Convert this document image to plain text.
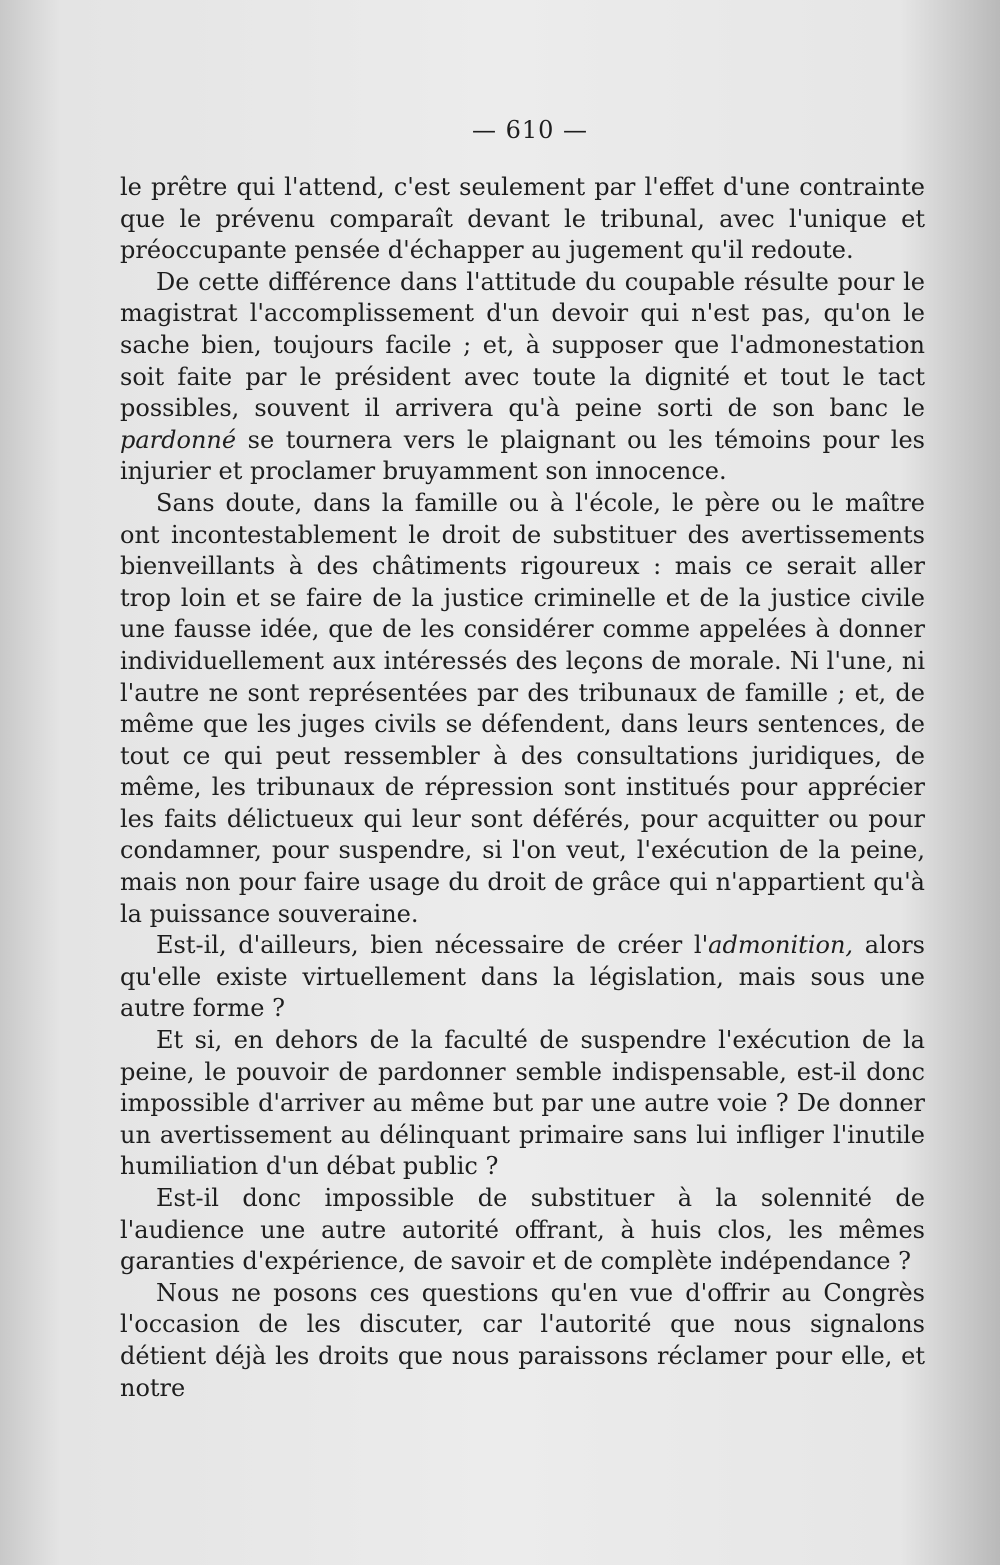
— 610 —

le prêtre qui l'attend, c'est seulement par l'effet d'une contrainte que le prévenu comparaît devant le tribunal, avec l'unique et préoccupante pensée d'échapper au jugement qu'il redoute.

De cette différence dans l'attitude du coupable résulte pour le magistrat l'accomplissement d'un devoir qui n'est pas, qu'on le sache bien, toujours facile ; et, à supposer que l'admonestation soit faite par le président avec toute la dignité et tout le tact possibles, souvent il arrivera qu'à peine sorti de son banc le pardonné se tournera vers le plaignant ou les témoins pour les injurier et proclamer bruyamment son innocence.

Sans doute, dans la famille ou à l'école, le père ou le maître ont incontestablement le droit de substituer des avertissements bienveillants à des châtiments rigoureux : mais ce serait aller trop loin et se faire de la justice criminelle et de la justice civile une fausse idée, que de les considérer comme appelées à donner individuellement aux intéressés des leçons de morale. Ni l'une, ni l'autre ne sont représentées par des tribunaux de famille ; et, de même que les juges civils se défendent, dans leurs sentences, de tout ce qui peut ressembler à des consultations juridiques, de même, les tribunaux de répression sont institués pour apprécier les faits délictueux qui leur sont déférés, pour acquitter ou pour condamner, pour suspendre, si l'on veut, l'exécution de la peine, mais non pour faire usage du droit de grâce qui n'appartient qu'à la puissance souveraine.

Est-il, d'ailleurs, bien nécessaire de créer l'admonition, alors qu'elle existe virtuellement dans la législation, mais sous une autre forme ?

Et si, en dehors de la faculté de suspendre l'exécution de la peine, le pouvoir de pardonner semble indispensable, est-il donc impossible d'arriver au même but par une autre voie ? De donner un avertissement au délinquant primaire sans lui infliger l'inutile humiliation d'un débat public ?

Est-il donc impossible de substituer à la solennité de l'audience une autre autorité offrant, à huis clos, les mêmes garanties d'expérience, de savoir et de complète indépendance ?

Nous ne posons ces questions qu'en vue d'offrir au Congrès l'occasion de les discuter, car l'autorité que nous signalons détient déjà les droits que nous paraissons réclamer pour elle, et notre
